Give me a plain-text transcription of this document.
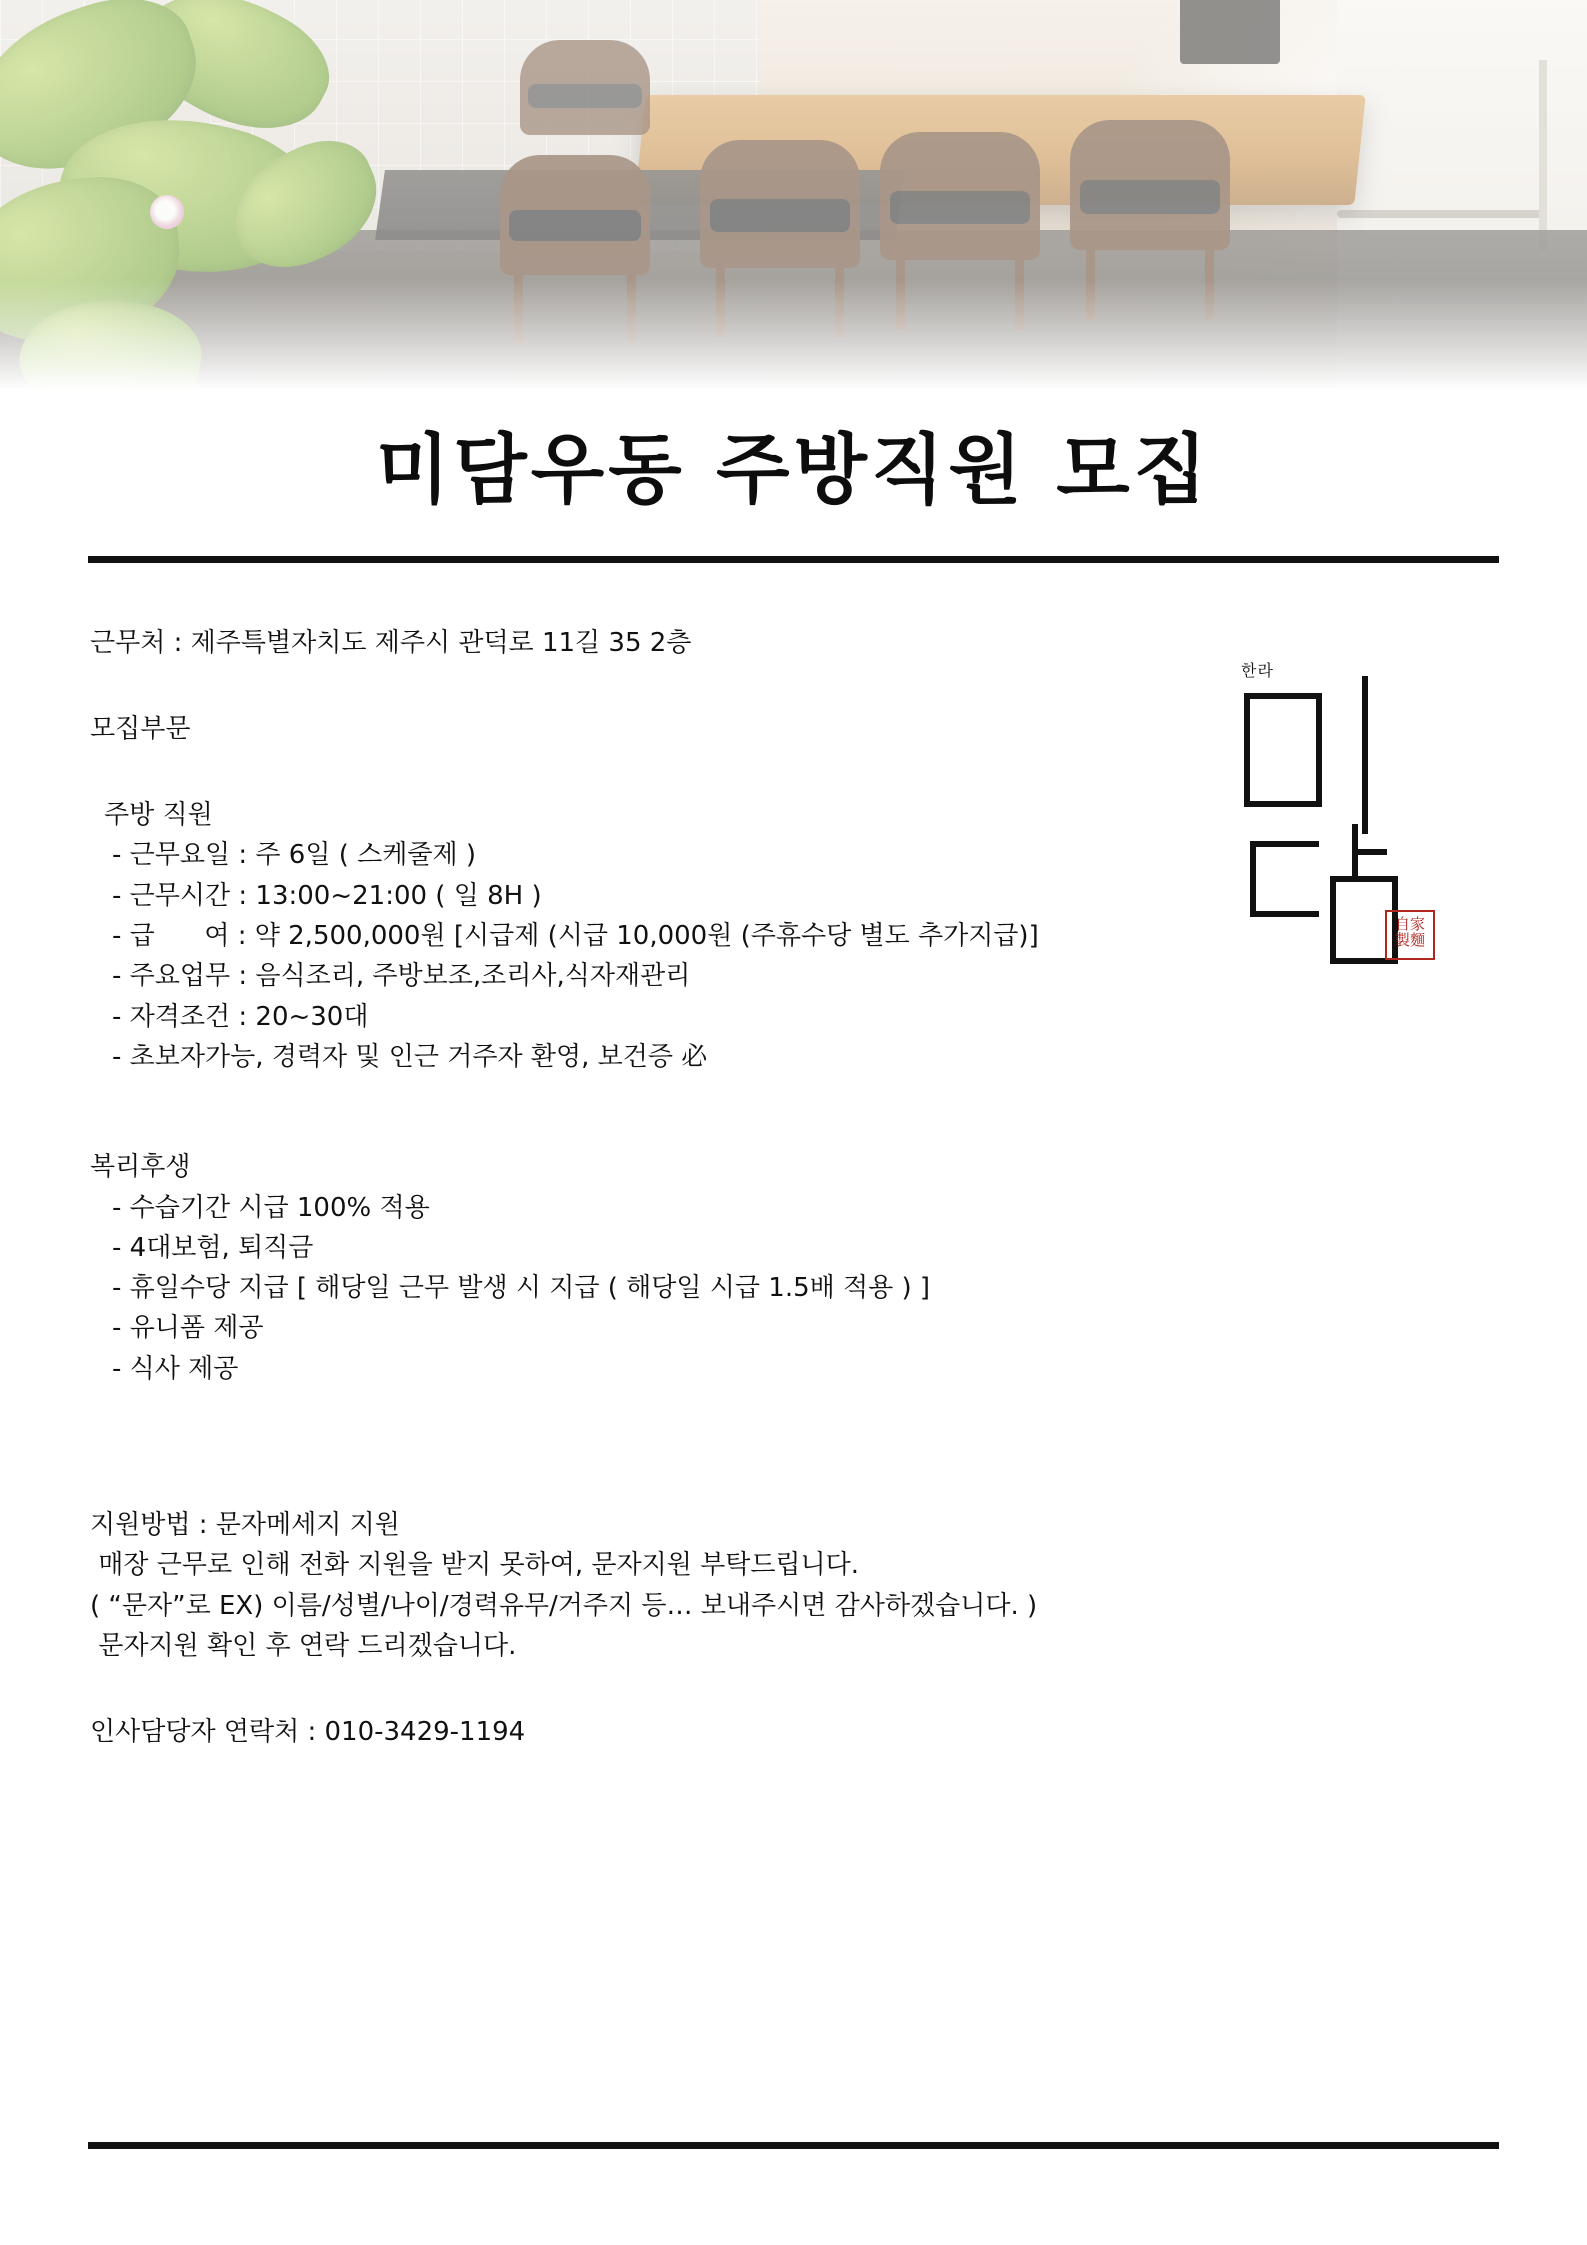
미담우동 주방직원 모집
한라
自家
製麵
근무처 : 제주특별자치도 제주시 관덕로 11길 35 2층
모집부문
주방 직원
- 근무요일 : 주 6일 ( 스케줄제 )
- 근무시간 : 13:00~21:00 ( 일 8H )
- 급      여 : 약 2,500,000원 [시급제 (시급 10,000원 (주휴수당 별도 추가지급)]
- 주요업무 : 음식조리, 주방보조,조리사,식자재관리
- 자격조건 : 20~30대
- 초보자가능, 경력자 및 인근 거주자 환영, 보건증 必
복리후생
- 수습기간 시급 100% 적용
- 4대보험, 퇴직금
- 휴일수당 지급 [ 해당일 근무 발생 시 지급 ( 해당일 시급 1.5배 적용 ) ]
- 유니폼 제공
- 식사 제공
지원방법 : 문자메세지 지원
매장 근무로 인해 전화 지원을 받지 못하여, 문자지원 부탁드립니다.
( “문자”로 EX) 이름/성별/나이/경력유무/거주지 등… 보내주시면 감사하겠습니다. )
문자지원 확인 후 연락 드리겠습니다.
인사담당자 연락처 : 010-3429-1194
